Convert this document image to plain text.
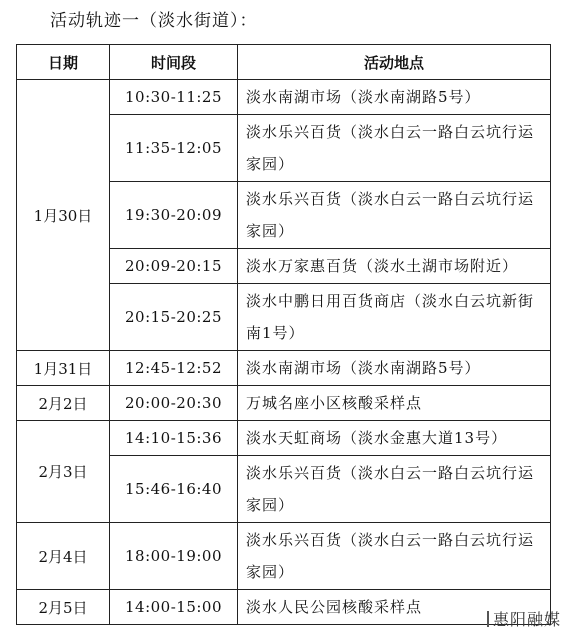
活动轨迹一（淡水街道）：
日期	时间段	活动地点
1月30日	10:30-11:25	淡水南湖市场（淡水南湖路5号）
	11:35-12:05	淡水乐兴百货（淡水白云一路白云坑行运家园）
	19:30-20:09	淡水乐兴百货（淡水白云一路白云坑行运家园）
	20:09-20:15	淡水万家惠百货（淡水土湖市场附近）
	20:15-20:25	淡水中鹏日用百货商店（淡水白云坑新街南1号）
1月31日	12:45-12:52	淡水南湖市场（淡水南湖路5号）
2月2日	20:00-20:30	万城名座小区核酸采样点
2月3日	14:10-15:36	淡水天虹商场（淡水金惠大道13号）
	15:46-16:40	淡水乐兴百货（淡水白云一路白云坑行运家园）
2月4日	18:00-19:00	淡水乐兴百货（淡水白云一路白云坑行运家园）
2月5日	14:00-15:00	淡水人民公园核酸采样点
惠阳融媒
